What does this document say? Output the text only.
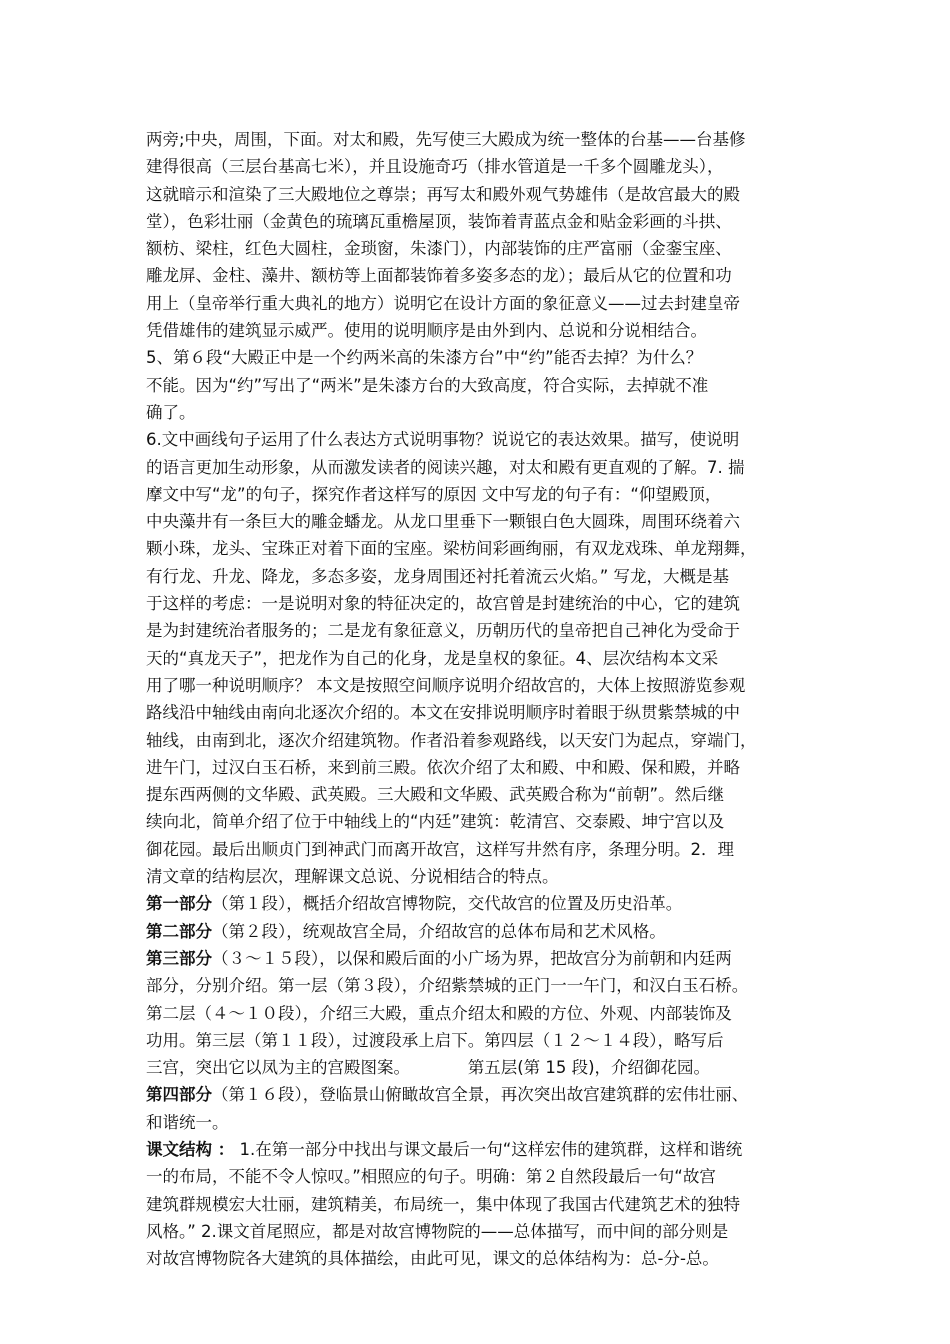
两旁;中央，周围，下面。对太和殿，先写使三大殿成为统一整体的台基——台基修
建得很高（三层台基高七米），并且设施奇巧（排水管道是一千多个圆雕龙头），
这就暗示和渲染了三大殿地位之尊崇；再写太和殿外观气势雄伟（是故宫最大的殿
堂），色彩壮丽（金黄色的琉璃瓦重檐屋顶，装饰着青蓝点金和贴金彩画的斗拱、
额枋、梁柱，红色大圆柱，金琐窗，朱漆门），内部装饰的庄严富丽（金銮宝座、
雕龙屏、金柱、藻井、额枋等上面都装饰着多姿多态的龙）；最后从它的位置和功
用上（皇帝举行重大典礼的地方）说明它在设计方面的象征意义——过去封建皇帝
凭借雄伟的建筑显示威严。使用的说明顺序是由外到内、总说和分说相结合。
5、第６段“大殿正中是一个约两米高的朱漆方台”中“约”能否去掉？为什么？
不能。因为“约”写出了“两米”是朱漆方台的大致高度，符合实际，去掉就不准
确了。
6.文中画线句子运用了什么表达方式说明事物？说说它的表达效果。描写，使说明
的语言更加生动形象，从而激发读者的阅读兴趣，对太和殿有更直观的了解。7. 揣
摩文中写“龙”的句子，探究作者这样写的原因 文中写龙的句子有：“仰望殿顶，
中央藻井有一条巨大的雕金蟠龙。从龙口里垂下一颗银白色大圆珠，周围环绕着六
颗小珠，龙头、宝珠正对着下面的宝座。梁枋间彩画绚丽，有双龙戏珠、单龙翔舞，
有行龙、升龙、降龙，多态多姿，龙身周围还衬托着流云火焰。” 写龙，大概是基
于这样的考虑：一是说明对象的特征决定的，故宫曾是封建统治的中心，它的建筑
是为封建统治者服务的；二是龙有象征意义，历朝历代的皇帝把自己神化为受命于
天的“真龙天子”，把龙作为自己的化身，龙是皇权的象征。4、层次结构本文采
用了哪一种说明顺序？ 本文是按照空间顺序说明介绍故宫的，大体上按照游览参观
路线沿中轴线由南向北逐次介绍的。本文在安排说明顺序时着眼于纵贯紫禁城的中
轴线，由南到北，逐次介绍建筑物。作者沿着参观路线，以天安门为起点，穿端门，
进午门，过汉白玉石桥，来到前三殿。依次介绍了太和殿、中和殿、保和殿，并略
提东西两侧的文华殿、武英殿。三大殿和文华殿、武英殿合称为“前朝”。然后继
续向北，简单介绍了位于中轴线上的“内廷”建筑：乾清宫、交泰殿、坤宁宫以及
御花园。最后出顺贞门到神武门而离开故宫，这样写井然有序，条理分明。2．理
清文章的结构层次，理解课文总说、分说相结合的特点。
第一部分（第１段），概括介绍故宫博物院，交代故宫的位置及历史沿革。
第二部分（第２段），统观故宫全局，介绍故宫的总体布局和艺术风格。
第三部分（３～１５段），以保和殿后面的小广场为界，把故宫分为前朝和内廷两
部分，分别介绍。第一层（第３段），介绍紫禁城的正门一一午门，和汉白玉石桥。
第二层（４～１０段），介绍三大殿，重点介绍太和殿的方位、外观、内部装饰及
功用。第三层（第１１段），过渡段承上启下。第四层（１２～１４段），略写后
三宫，突出它以凤为主的宫殿图案。           第五层(第 15 段)，介绍御花园。
第四部分（第１６段），登临景山俯瞰故宫全景，再次突出故宫建筑群的宏伟壮丽、
和谐统一。
课文结构 ： 1.在第一部分中找出与课文最后一句“这样宏伟的建筑群，这样和谐统
一的布局，不能不令人惊叹。”相照应的句子。明确：第２自然段最后一句“故宫
建筑群规模宏大壮丽，建筑精美，布局统一，集中体现了我国古代建筑艺术的独特
风格。” 2.课文首尾照应，都是对故宫博物院的——总体描写，而中间的部分则是
对故宫博物院各大建筑的具体描绘，由此可见，课文的总体结构为：总-分-总。
